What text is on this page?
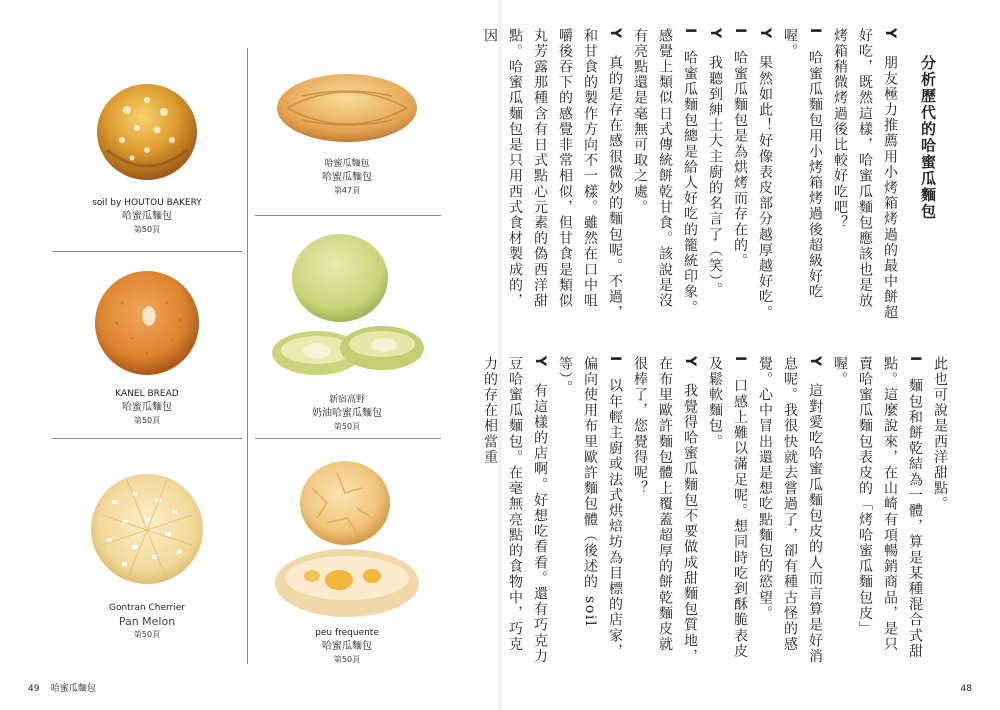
soil by HOUTOU BAKERY
哈蜜瓜麵包
第50頁
哈蜜瓜麵包
哈蜜瓜麵包
第47頁
KANEL BREAD
哈蜜瓜麵包
第50頁
新宿高野
奶油哈蜜瓜麵包
第50頁
Gontran Cherrier
Pan Melon
第50頁	peu frequente
哈蜜瓜麵包
第50頁
49 哈蜜瓜麵包
分析歷代的哈蜜瓜麵包

Y　朋友極力推薦用小烤箱烤過的最中餅超好吃，既然這樣，哈蜜瓜麵包應該也是放烤箱稍微烤過後比較好吃吧？

I　哈蜜瓜麵包用小烤箱烤過後超級好吃喔。

Y　果然如此！好像表皮部分越厚越好吃。

I　哈蜜瓜麵包是為烘烤而存在的。

Y　我聽到紳士大主廚的名言了（笑）。

I　哈蜜瓜麵包總是給人好吃的籠統印象。感覺上類似日式傳統餅乾甘食。該說是沒有亮點還是毫無可取之處。

Y　真的是存在感很微妙的麵包呢。不過，和甘食的製作方向不一樣。雖然在口中咀嚼後吞下的感覺非常相似，但甘食是類似丸芳露那種含有日式點心元素的偽西洋甜點。哈蜜瓜麵包是只用西式食材製成的，因

此也可說是西洋甜點。

I　麵包和餅乾結為一體，算是某種混合式甜點。這麼說來，在山崎有項暢銷商品，是只賣哈蜜瓜麵包表皮的「烤哈蜜瓜麵包皮」喔。

Y　這對愛吃哈蜜瓜麵包皮的人而言算是好消息呢。我很快就去嘗過了，卻有種古怪的感覺。心中冒出還是想吃點麵包的慾望。

I　口感上難以滿足呢。想同時吃到酥脆表皮及鬆軟麵包。

Y　我覺得哈蜜瓜麵包不要做成甜麵包質地，在布里歐許麵包體上覆蓋超厚的餅乾麵皮就很棒了，您覺得呢？

I　以年輕主廚或法式烘焙坊為目標的店家，偏向使用布里歐許麵包體（後述的 soil 等）。

Y　有這樣的店啊。好想吃看看。還有巧克力豆哈蜜瓜麵包。在毫無亮點的食物中，巧克力的存在相當重

48
